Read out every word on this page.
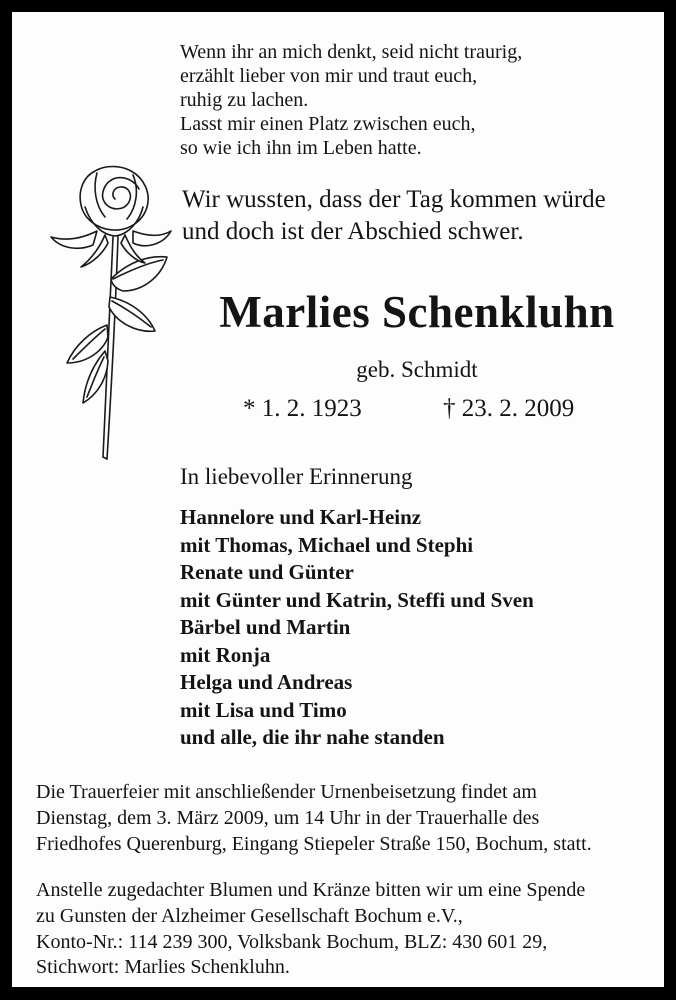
Wenn ihr an mich denkt, seid nicht traurig,
erzählt lieber von mir und traut euch,
ruhig zu lachen.
Lasst mir einen Platz zwischen euch,
so wie ich ihn im Leben hatte.
Wir wussten, dass der Tag kommen würde
und doch ist der Abschied schwer.
Marlies Schenkluhn
geb. Schmidt
* 1. 2. 1923	† 23. 2. 2009
In liebevoller Erinnerung
Hannelore und Karl-Heinz
mit Thomas, Michael und Stephi
Renate und Günter
mit Günter und Katrin, Steffi und Sven
Bärbel und Martin
mit Ronja
Helga und Andreas
mit Lisa und Timo
und alle, die ihr nahe standen
Die Trauerfeier mit anschließender Urnenbeisetzung findet am
Dienstag, dem 3. März 2009, um 14 Uhr in der Trauerhalle des
Friedhofes Querenburg, Eingang Stiepeler Straße 150, Bochum, statt.
Anstelle zugedachter Blumen und Kränze bitten wir um eine Spende
zu Gunsten der Alzheimer Gesellschaft Bochum e.V.,
Konto-Nr.: 114 239 300, Volksbank Bochum, BLZ: 430 601 29,
Stichwort: Marlies Schenkluhn.
